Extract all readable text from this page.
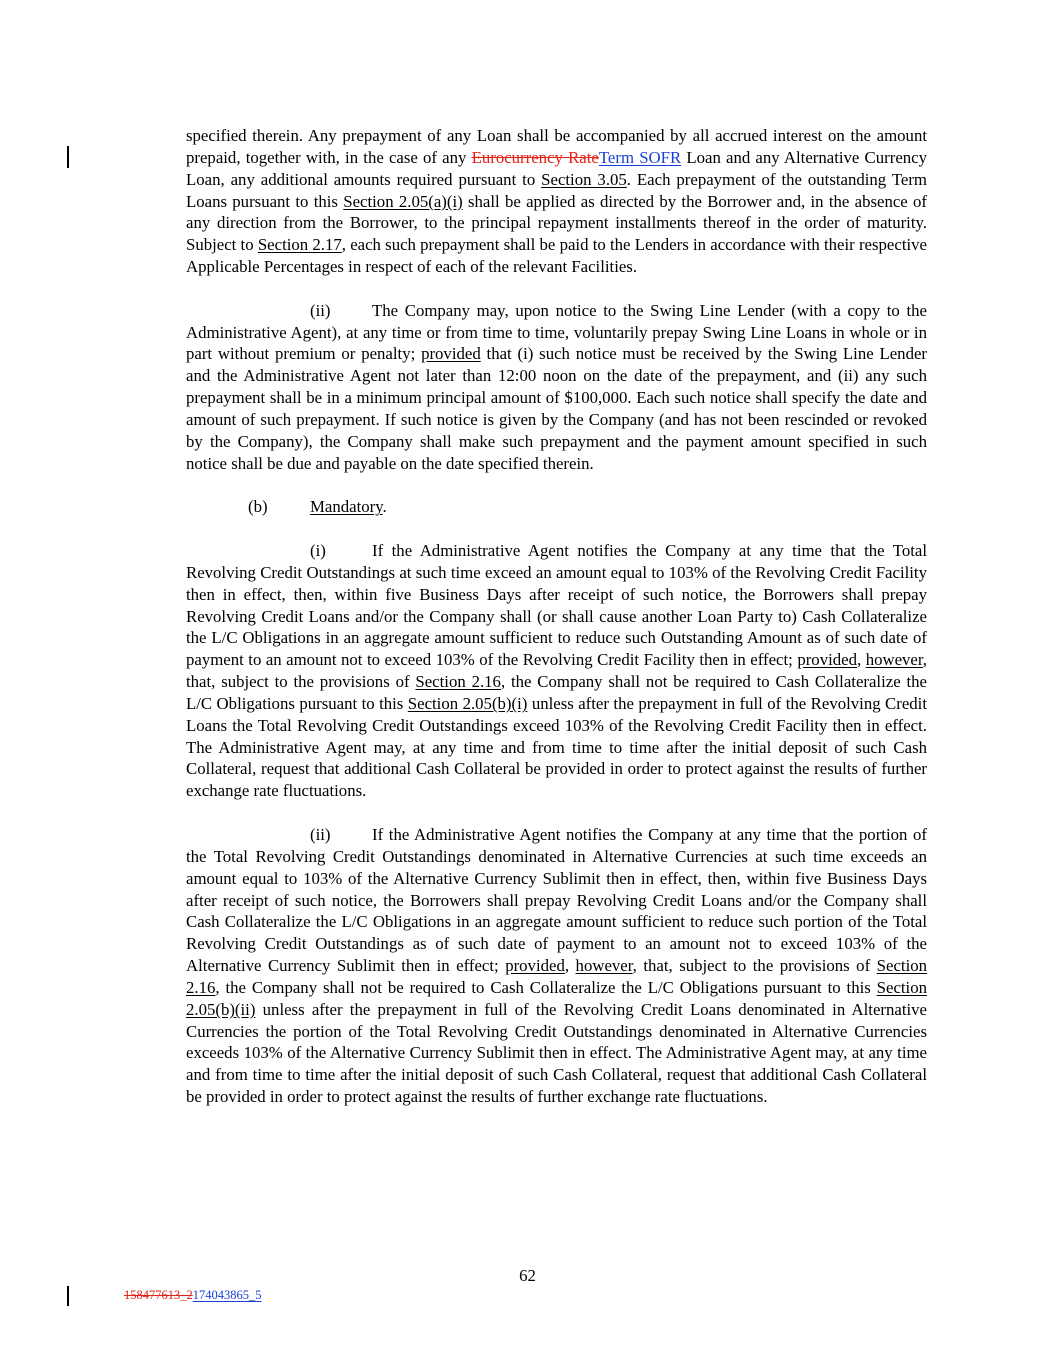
specified therein. Any prepayment of any Loan shall be accompanied by all accrued interest on the amount prepaid, together with, in the case of any Eurocurrency RateTerm SOFR Loan and any Alternative Currency Loan, any additional amounts required pursuant to Section 3.05. Each prepayment of the outstanding Term Loans pursuant to this Section 2.05(a)(i) shall be applied as directed by the Borrower and, in the absence of any direction from the Borrower, to the principal repayment installments thereof in the order of maturity. Subject to Section 2.17, each such prepayment shall be paid to the Lenders in accordance with their respective Applicable Percentages in respect of each of the relevant Facilities.

(ii) The Company may, upon notice to the Swing Line Lender (with a copy to the Administrative Agent), at any time or from time to time, voluntarily prepay Swing Line Loans in whole or in part without premium or penalty; provided that (i) such notice must be received by the Swing Line Lender and the Administrative Agent not later than 12:00 noon on the date of the prepayment, and (ii) any such prepayment shall be in a minimum principal amount of $100,000. Each such notice shall specify the date and amount of such prepayment. If such notice is given by the Company (and has not been rescinded or revoked by the Company), the Company shall make such prepayment and the payment amount specified in such notice shall be due and payable on the date specified therein.

(b)	Mandatory.

(i)	If the Administrative Agent notifies the Company at any time that the Total Revolving Credit Outstandings at such time exceed an amount equal to 103% of the Revolving Credit Facility then in effect, then, within five Business Days after receipt of such notice, the Borrowers shall prepay Revolving Credit Loans and/or the Company shall (or shall cause another Loan Party to) Cash Collateralize the L/C Obligations in an aggregate amount sufficient to reduce such Outstanding Amount as of such date of payment to an amount not to exceed 103% of the Revolving Credit Facility then in effect; provided, however, that, subject to the provisions of Section 2.16, the Company shall not be required to Cash Collateralize the L/C Obligations pursuant to this Section 2.05(b)(i) unless after the prepayment in full of the Revolving Credit Loans the Total Revolving Credit Outstandings exceed 103% of the Revolving Credit Facility then in effect. The Administrative Agent may, at any time and from time to time after the initial deposit of such Cash Collateral, request that additional Cash Collateral be provided in order to protect against the results of further exchange rate fluctuations.

(ii) If the Administrative Agent notifies the Company at any time that the portion of the Total Revolving Credit Outstandings denominated in Alternative Currencies at such time exceeds an amount equal to 103% of the Alternative Currency Sublimit then in effect, then, within five Business Days after receipt of such notice, the Borrowers shall prepay Revolving Credit Loans and/or the Company shall Cash Collateralize the L/C Obligations in an aggregate amount sufficient to reduce such portion of the Total Revolving Credit Outstandings as of such date of payment to an amount not to exceed 103% of the Alternative Currency Sublimit then in effect; provided, however, that, subject to the provisions of Section 2.16, the Company shall not be required to Cash Collateralize the L/C Obligations pursuant to this Section 2.05(b)(ii) unless after the prepayment in full of the Revolving Credit Loans denominated in Alternative Currencies the portion of the Total Revolving Credit Outstandings denominated in Alternative Currencies exceeds 103% of the Alternative Currency Sublimit then in effect. The Administrative Agent may, at any time and from time to time after the initial deposit of such Cash Collateral, request that additional Cash Collateral be provided in order to protect against the results of further exchange rate fluctuations.

62
158477613_2174043865_5
